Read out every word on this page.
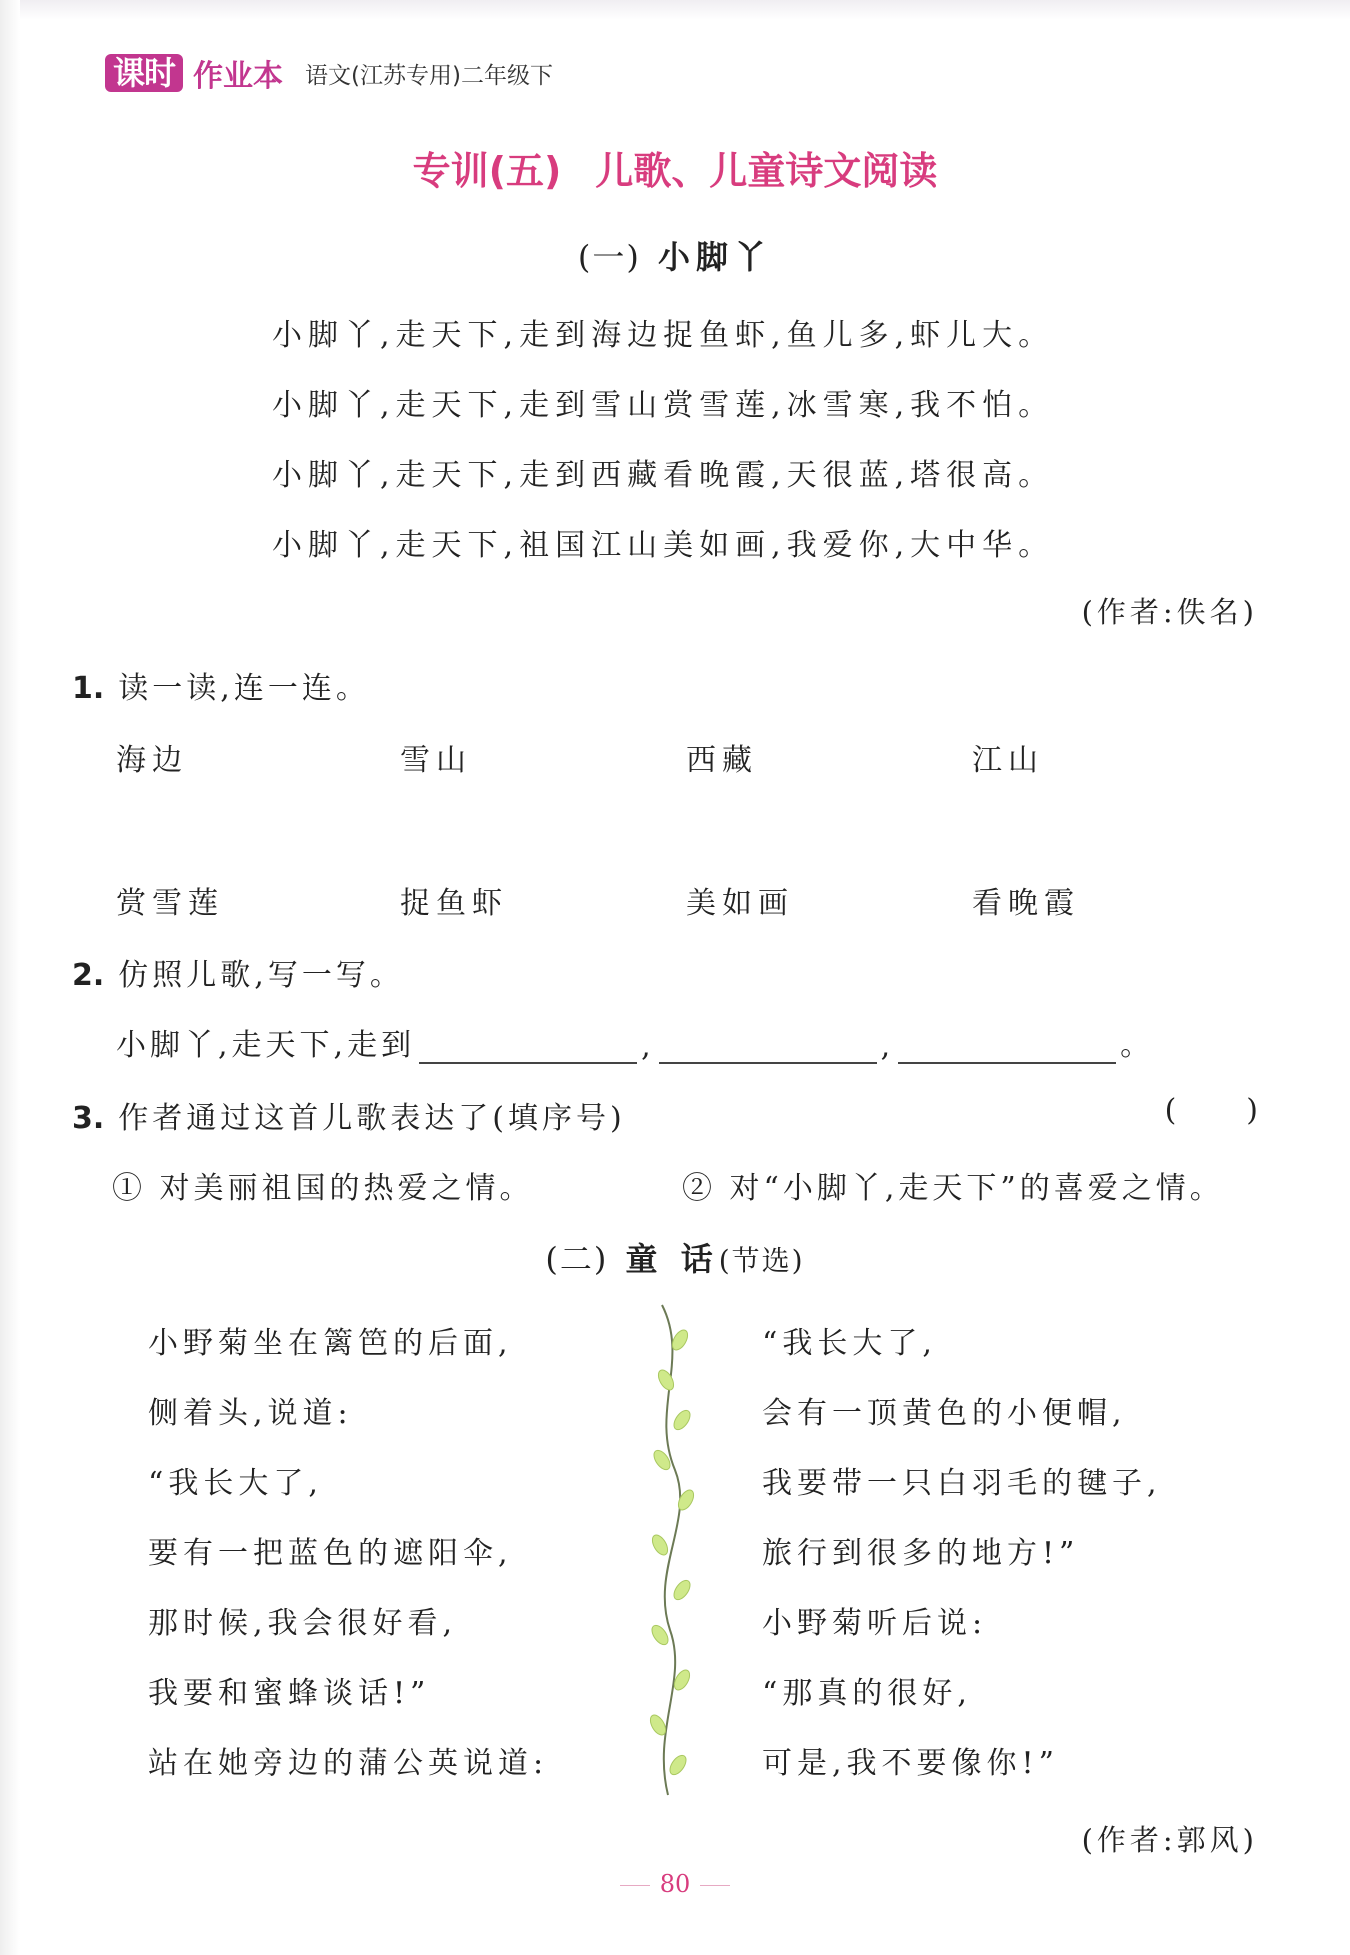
课时 作业本 语文(江苏专用)二年级下
专训(五) 儿歌、儿童诗文阅读
(一) 小脚丫
小脚丫,走天下,走到海边捉鱼虾,鱼儿多,虾儿大。
小脚丫,走天下,走到雪山赏雪莲,冰雪寒,我不怕。
小脚丫,走天下,走到西藏看晚霞,天很蓝,塔很高。
小脚丫,走天下,祖国江山美如画,我爱你,大中华。
(作者:佚名)
1. 读一读,连一连。
海边	雪山	西藏	江山
赏雪莲	捉鱼虾	美如画	看晚霞
2. 仿照儿歌,写一写。
小脚丫,走天下,走到	,	,	。
3. 作者通过这首儿歌表达了(填序号)	( )
① 对美丽祖国的热爱之情。	② 对“小脚丫,走天下”的喜爱之情。
(二) 童 话(节选)
小野菊坐在篱笆的后面,
侧着头,说道:
“我长大了,
要有一把蓝色的遮阳伞,
那时候,我会很好看,
我要和蜜蜂谈话!”
站在她旁边的蒲公英说道:
“我长大了,
会有一顶黄色的小便帽,
我要带一只白羽毛的毽子,
旅行到很多的地方!”
小野菊听后说:
“那真的很好,
可是,我不要像你!”
(作者:郭风)
80
